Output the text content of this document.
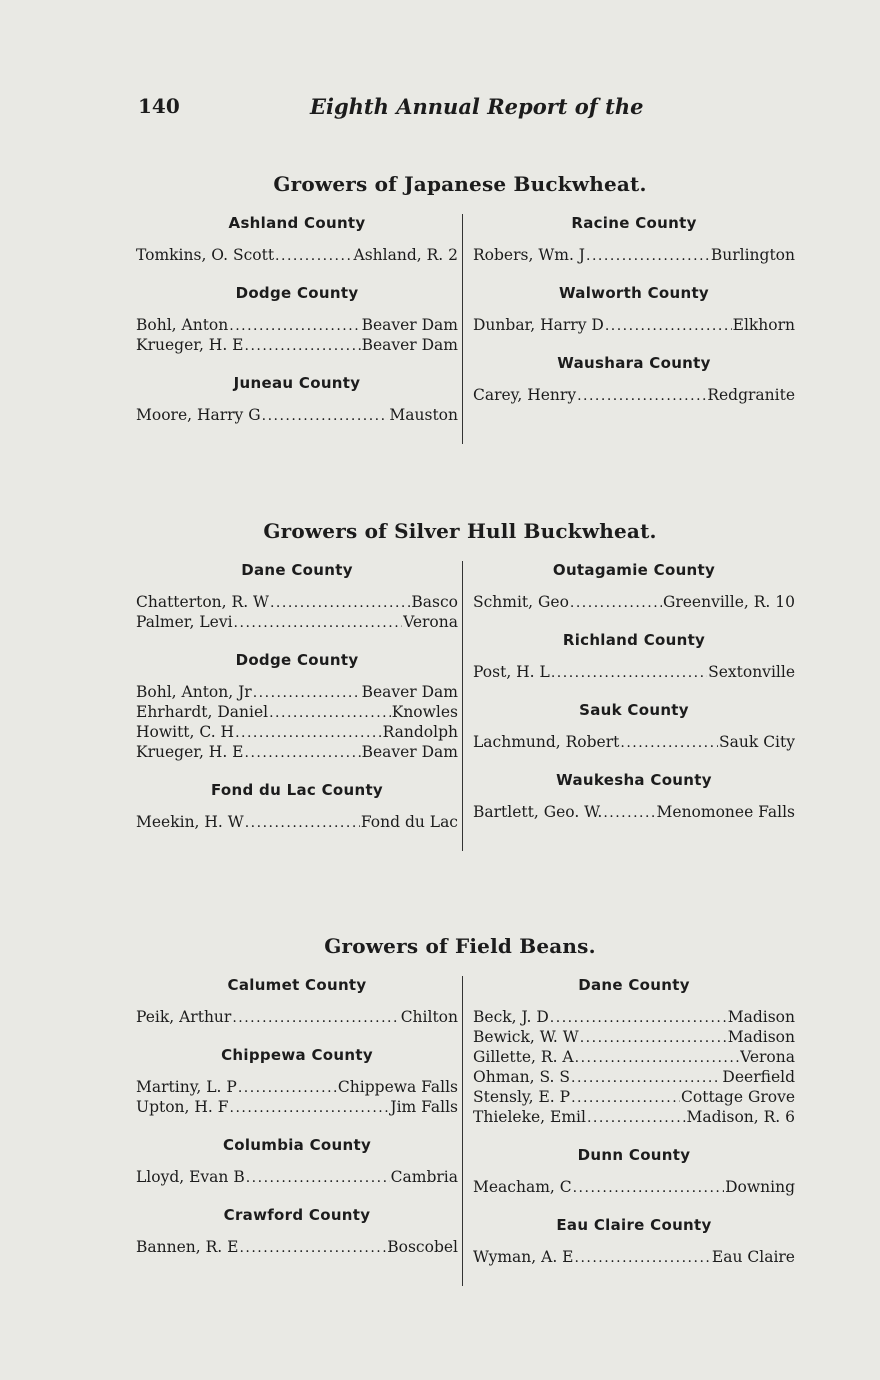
140	Eighth Annual Report of the
Growers of Japanese Buckwheat.
Ashland County
Tomkins, O. Scott .....	Ashland, R. 2
Dodge County
Bohl, Anton .....	Beaver Dam
Krueger, H. E .....	Beaver Dam
Juneau County
Moore, Harry G .....	Mauston
Racine County
Robers, Wm. J .....	Burlington
Walworth County
Dunbar, Harry D .....	Elkhorn
Waushara County
Carey, Henry .....	Redgranite
Growers of Silver Hull Buckwheat.
Dane County
Chatterton, R. W .....	Basco
Palmer, Levi .....	Verona
Dodge County
Bohl, Anton, Jr .....	Beaver Dam
Ehrhardt, Daniel .....	Knowles
Howitt, C. H .....	Randolph
Krueger, H. E .....	Beaver Dam
Fond du Lac County
Meekin, H. W .....	Fond du Lac
Outagamie County
Schmit, Geo .....	Greenville, R. 10
Richland County
Post, H. L .....	Sextonville
Sauk County
Lachmund, Robert .....	Sauk City
Waukesha County
Bartlett, Geo. W. .....	Menomonee Falls
Growers of Field Beans.
Calumet County
Peik, Arthur .....	Chilton
Chippewa County
Martiny, L. P .....	Chippewa Falls
Upton, H. F .....	Jim Falls
Columbia County
Lloyd, Evan B .....	Cambria
Crawford County
Bannen, R. E .....	Boscobel
Dane County
Beck, J. D .....	Madison
Bewick, W. W .....	Madison
Gillette, R. A .....	Verona
Ohman, S. S .....	Deerfield
Stensly, E. P .....	Cottage Grove
Thieleke, Emil .....	Madison, R. 6
Dunn County
Meacham, C .....	Downing
Eau Claire County
Wyman, A. E .....	Eau Claire
